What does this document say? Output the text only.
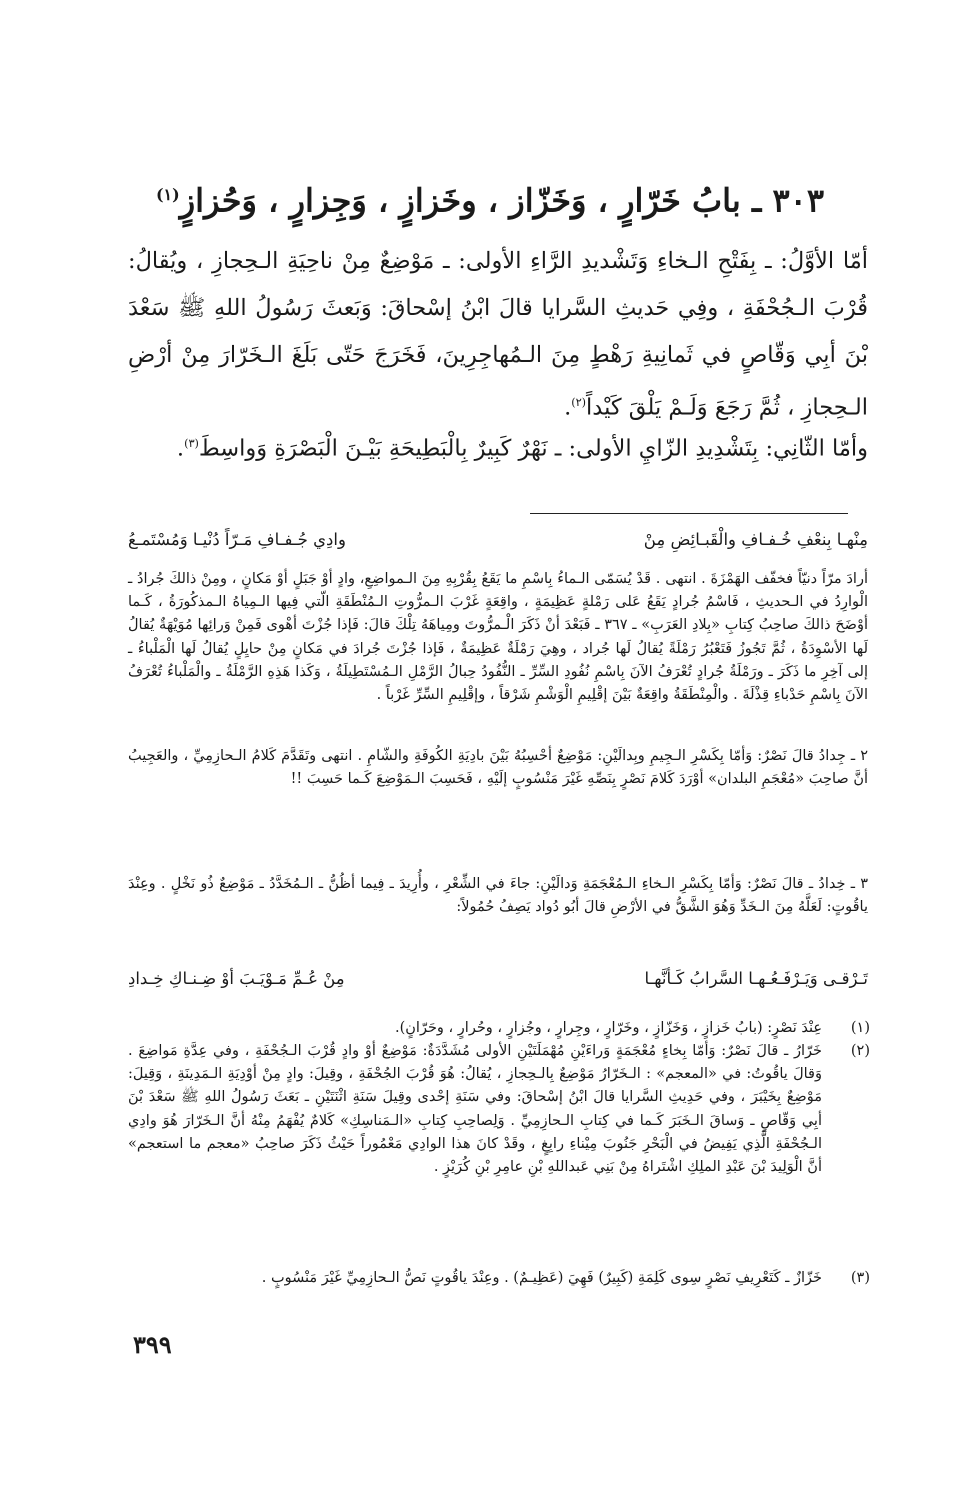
٣٠٣ ـ بابُ خَرّارٍ ، وَخَزّاز ، وخَزازٍ ، وَجِزارٍ ، وَحُزازٍ$^{(١)}$
أمّا الأوَّلُ: ـ بِفَتْحِ الـخاءِ وَتَشْديدِ الرَّاءِ الأولى: ـ مَوْضِعٌ مِنْ ناحِيَةِ الـحِجازِ ، ويُقالُ: قُرْبَ الـجُحْفَةِ ، وفِي حَديثِ السَّرايا قالَ ابْنُ إسْحاقَ: وَبَعثَ رَسُولُ اللهِ ﷺ سَعْدَ بْنَ أبِي وَقّاصٍ في ثَمانِيةِ رَهْطٍ مِنَ الـمُهاجِرِينَ، فَخَرَجَ حَتّى بَلَغَ الـخَرّارَ مِنْ أرْضِ الـحِجازِ ، ثُمَّ رَجَعَ وَلَـمْ يَلْقَ كَيْداً$^{(٢)}$.
وأمّا الثّانِي: بِتَشْدِيدِ الزّايِ الأولى: ـ نَهْرٌ كَبِيرٌ بِالْبَطِيحَةِ بَيْـنَ الْبَصْرَةِ وَواسِطَ$^{(٣)}$.
مِنْهـا بِنعْفِ خُـفـافِ والْقَبـائِضِ مِنْ
وادِي جُـفـافِ مَـرّاً دُنْيـا وَمُسْتَمـعُ
أرادَ مرّاً دنيّاً فخفّف الهَمْزَةَ . انتهى . قَدْ يُسَمّى الـماءُ بِاسْمِ ما يَقَعُ بِقُرْبِهِ مِنَ الـمواضِعِ، وادٍ أوْ جَبَلٍ أوْ مَكانٍ ، ومِنْ ذالكَ جُرادُ ـ الْوارِدُ في الـحديثِ ، فَاسْمُ جُرادٍ يَقَعُ عَلى رَمْلةٍ عَظِيمَةٍ ، واقِعَةٍ غَرْبَ الـمرُّوتِ الـمُنْطَقَةِ الّتي فِيها الـمِياهُ الـمذكُورَةُ ، كَـما أوْضَحَ ذالكَ صاحِبُ كِتابِ «بِلادِ العَرَبِ» ـ ٣٦٧ ـ فَبَعْدَ أنْ ذَكَرَ الْـمرُّوتَ ومِياهَهُ تِلْكَ قالَ: فَإذا جُزْتَ أهْوى فَمِنْ وَرائِها مُوَيْهَةٌ يُقالُ لَها الأسْوِدَةُ ، ثُمَّ تَجُوزُ فَتَعْبُرُ رَمْلَةً يُقالُ لَها جُراد ، وهِيَ رَمْلَةٌ عَظِيمَةٌ ، فَإذا جُزْتَ جُرادَ في مَكانٍ مِنْ حايِلٍ يُقالُ لَها الْمَلْباءُ ـ إلى آخِرِ ما ذَكَرَ ـ ورَمْلَةُ جُرادٍ تُعْرَفُ الآنَ بِاسْمِ نُفُودِ السِّرِّ ـ النُّفُودُ حِبالُ الرَّمْلِ الـمُسْتَطِيلَةُ ، وَكَذا هَذِهِ الرَّمْلَةُ ـ والْمَلْباءُ تُعْرَفُ الآنَ بِاسْمِ حَدْباءِ قِذْلَةَ . والْمِنْطَقَةُ واقِعَةٌ بَيْنَ إقْلِيمِ الْوَشْمِ شَرْقاً ، وإقْلِيمِ السِّرِّ غَرْباً .
٢ ـ جِدادُ قالَ نَصْرٌ: وَأمّا بِكَسْرِ الـجِيمِ وبِدالَيْنِ: مَوْضِعٌ أحْسِبُهُ بَيْنَ بادِيَةِ الكُوفَةِ والشّامِ . انتهى وتَقَدَّمَ كَلامُ الـحازِمِيِّ ، والعَجِيبُ أنَّ صاحِبَ «مُعْجَمِ البلدان» أوْرَدَ كَلامَ نَصْرٍ بِنَصِّهِ غَيْرَ مَنْسُوبٍ إلَيْهِ ، فَحَسِبَ الـمَوْضِعَ كَـما حَسِبَ !!
٣ ـ خِدادُ ـ قالَ نَصْرٌ: وَأمّا بِكَسْرِ الـخاءِ الـمُعْجَمَةِ وَدالَيْنِ: جاءَ في الشِّعْرِ ، وأُرِيدَ ـ فِيما أظُنُّ ـ الـمُخَدَّدُ ـ مَوْضِعٌ ذُو نَخْلٍ . وعِنْدَ ياقُوتٍ: لَعَلَّهُ مِنَ الـخَدِّ وَهُوَ الشَّقُّ في الأرْضِ قالَ أبُو دُواد يَصِفُ حُمُولاً:
تَـرْقـى وَيَـرْفَـعُـهـا السَّرابُ كَـأنَّهـا
مِنْ عُـمِّ مَـوْيَـبَ أوْ ضِـنـاكِ خِـدادِ
(١)
عِنْدَ نَصْرٍ: (بابُ خَزازٍ ، وَخَزّازٍ ، وخَرّارٍ ، وجِرارٍ ، وجُزارٍ ، وحُرارٍ ، وحَرّانٍ).
(٢)
خَرّارُ ـ قالَ نَصْرٌ: وَأمّا بِخاءٍ مُعْجَمَةٍ وَراءَيْنِ مُهْمَلَتَيْنِ الأولى مُشَدَّدَةٌ: مَوْضِعٌ أوْ وادٍ قُرْبَ الـجُحْفَةِ ، وفي عِدَّةِ مَواضِعَ . وَقالَ ياقُوتُ: في «المعجم» : الـخَرّارُ مَوْضِعٌ بِالـحِجازِ ، يُقالُ: هُوَ قُرْبَ الجُحْفَةِ ، وقِيلَ: وادٍ مِنْ أوْدِيَةِ الـمَدِينَةِ ، وَقِيلَ: مَوْضِعٌ بِخَيْبَرَ ، وفي حَدِيثِ السَّرايا قالَ ابْنُ إسْحاقَ: وفي سَنَةِ إحْدى وقِيلَ سَنَةِ اثْنَتَيْنِ ـ بَعَثَ رَسُولُ اللهِ ﷺ سَعْدَ بْنَ أبِي وَقّاصٍ ـ وَساقَ الـخَبَرَ كَـما في كِتابِ الـحازِمِيِّ . وَلِصاحِبِ كِتابِ «الـمَناسِكِ» كَلامٌ يُفْهَمُ مِنْهُ أنَّ الـخَرّارَ هُوَ وادِي الـجُحْفَةِ الَّذِي يَفِيضُ في الْبَحْرِ جَنُوبَ مِيْناءِ رابِغٍ ، وقَدْ كانَ هذا الوادِي مَعْمُوراً حَيْثُ ذَكَرَ صاحِبُ «معجم ما استعجم» أنَّ الْوَلِيدَ بْنَ عَبْدِ الملِكِ اشْتَراهُ مِنْ بَنِي عَبداللهِ بْنِ عامِرِ بْنِ كُرَيْزٍ .
(٣)
خَزّازٌ ـ كَتَعْرِيفِ نَصْرٍ سِوى كَلِمَةِ (كَبِيرٌ) فَهِيَ (عَظِيـمٌ) . وعِنْدَ ياقُوتٍ نَصُّ الـحازِمِيِّ غَيْرَ مَنْسُوبٍ .
٣٩٩
